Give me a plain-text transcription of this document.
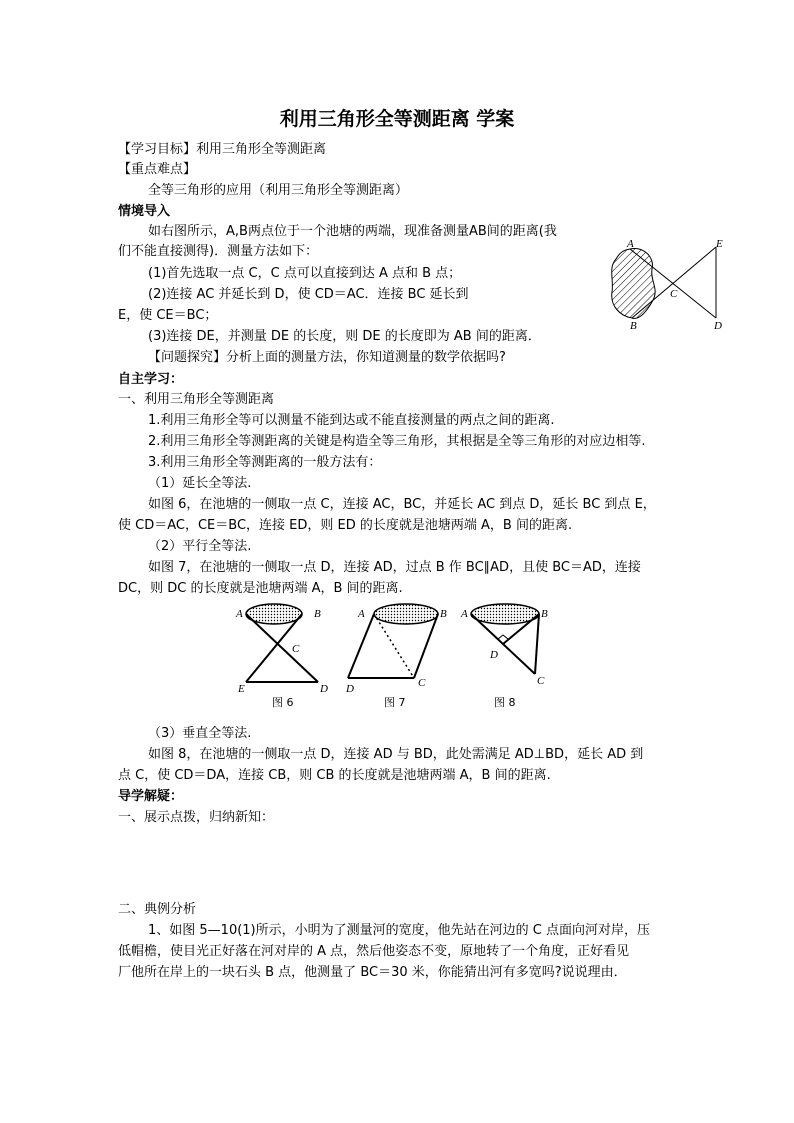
利用三角形全等测距离 学案
【学习目标】利用三角形全等测距离
【重点难点】
全等三角形的应用（利用三角形全等测距离）
情境导入
如右图所示，A,B两点位于一个池塘的两端，现准备测量AB间的距离(我
们不能直接测得)．测量方法如下：
(1)首先选取一点 C，C 点可以直接到达 A 点和 B 点；
(2)连接 AC 并延长到 D，使 CD＝AC．连接 BC 延长到
E，使 CE＝BC；
(3)连接 DE，并测量 DE 的长度，则 DE 的长度即为 AB 间的距离．
【问题探究】分析上面的测量方法，你知道测量的数学依据吗?
A	E
C
B	D
自主学习：
一、利用三角形全等测距离
1.利用三角形全等可以测量不能到达或不能直接测量的两点之间的距离.
2.利用三角形全等测距离的关键是构造全等三角形，其根据是全等三角形的对应边相等.
3.利用三角形全等测距离的一般方法有：
（1）延长全等法.
如图 6，在池塘的一侧取一点 C，连接 AC，BC，并延长 AC 到点 D，延长 BC 到点 E，
使 CD＝AC，CE＝BC，连接 ED，则 ED 的长度就是池塘两端 A，B 间的距离.
（2）平行全等法.
如图 7，在池塘的一侧取一点 D，连接 AD，过点 B 作 BC∥AD，且使 BC＝AD，连接
DC，则 DC 的长度就是池塘两端 A，B 间的距离.
A	B
C
E	D
图 6
A	B
C
D
图 7
A	B
D
C
图 8
（3）垂直全等法.
如图 8，在池塘的一侧取一点 D，连接 AD 与 BD，此处需满足 AD⊥BD，延长 AD 到
点 C，使 CD＝DA，连接 CB，则 CB 的长度就是池塘两端 A，B 间的距离.
导学解疑：
一、展示点拨，归纳新知：
二、典例分析
1、如图 5—10(1)所示，小明为了测量河的宽度，他先站在河边的 C 点面向河对岸，压
低帽檐，使目光正好落在河对岸的 A 点，然后他姿态不变，原地转了一个角度，正好看见
厂他所在岸上的一块石头 B 点，他测量了 BC＝30 米，你能猜出河有多宽吗?说说理由．
